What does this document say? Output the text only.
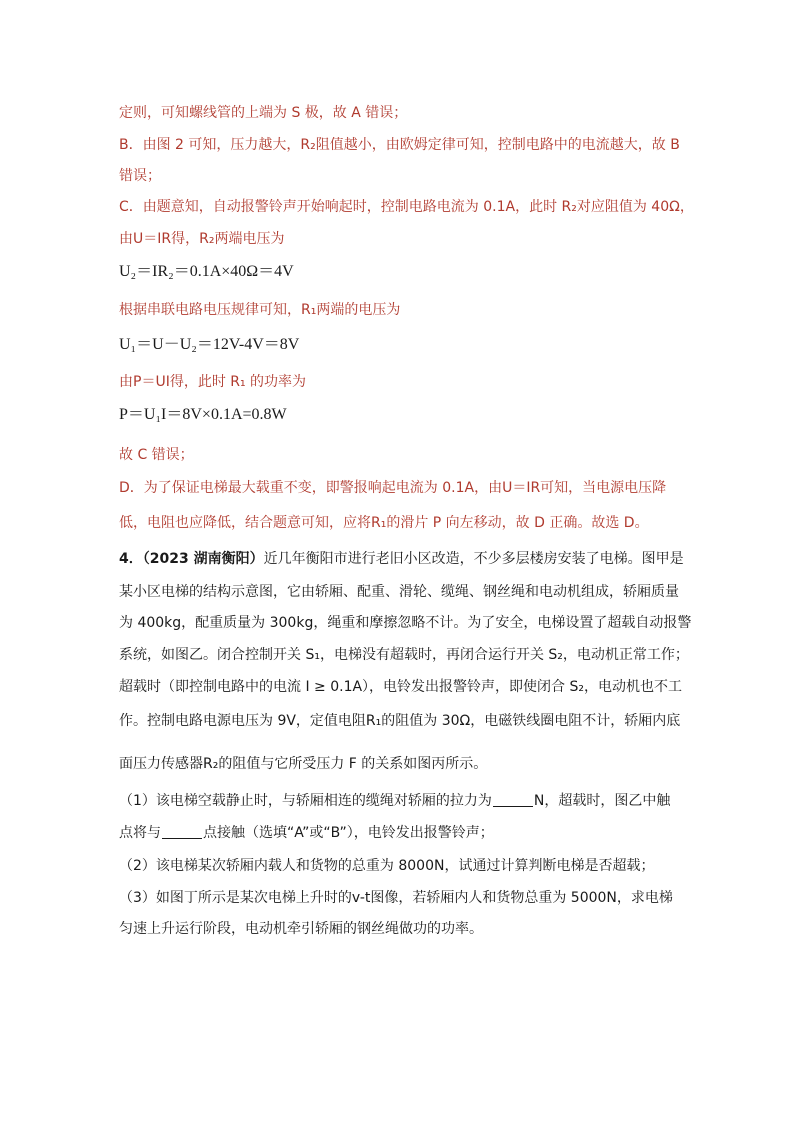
定则，可知螺线管的上端为 S 极，故 A 错误；
B．由图 2 可知，压力越大，R₂阻值越小，由欧姆定律可知，控制电路中的电流越大，故 B
错误；
C．由题意知，自动报警铃声开始响起时，控制电路电流为 0.1A，此时 R₂对应阻值为 40Ω，
由U＝IR得，R₂两端电压为
U₂＝IR₂＝0.1A×40Ω＝4V
根据串联电路电压规律可知，R₁两端的电压为
U₁＝U－U₂＝12V-4V＝8V
由P＝UI得，此时 R₁ 的功率为
P＝U₁I＝8V×0.1A=0.8W
故 C 错误；
D．为了保证电梯最大载重不变，即警报响起电流为 0.1A，由U＝IR可知，当电源电压降
低，电阻也应降低，结合题意可知，应将R₁的滑片 P 向左移动，故 D 正确。故选 D。
4．（2023 湖南衡阳）近几年衡阳市进行老旧小区改造，不少多层楼房安装了电梯。图甲是
某小区电梯的结构示意图，它由轿厢、配重、滑轮、缆绳、钢丝绳和电动机组成，轿厢质量
为 400kg，配重质量为 300kg，绳重和摩擦忽略不计。为了安全，电梯设置了超载自动报警
系统，如图乙。闭合控制开关 S₁，电梯没有超载时，再闭合运行开关 S₂，电动机正常工作；
超载时（即控制电路中的电流 I ≥ 0.1A），电铃发出报警铃声，即使闭合 S₂，电动机也不工
作。控制电路电源电压为 9V，定值电阻R₁的阻值为 30Ω，电磁铁线圈电阻不计，轿厢内底
面压力传感器R₂的阻值与它所受压力 F 的关系如图丙所示。
（1）该电梯空载静止时，与轿厢相连的缆绳对轿厢的拉力为	N，超载时，图乙中触
点将与	点接触（选填“A”或“B”），电铃发出报警铃声；
（2）该电梯某次轿厢内载人和货物的总重为 8000N，试通过计算判断电梯是否超载；
（3）如图丁所示是某次电梯上升时的v-t图像，若轿厢内人和货物总重为 5000N，求电梯
匀速上升运行阶段，电动机牵引轿厢的钢丝绳做功的功率。
